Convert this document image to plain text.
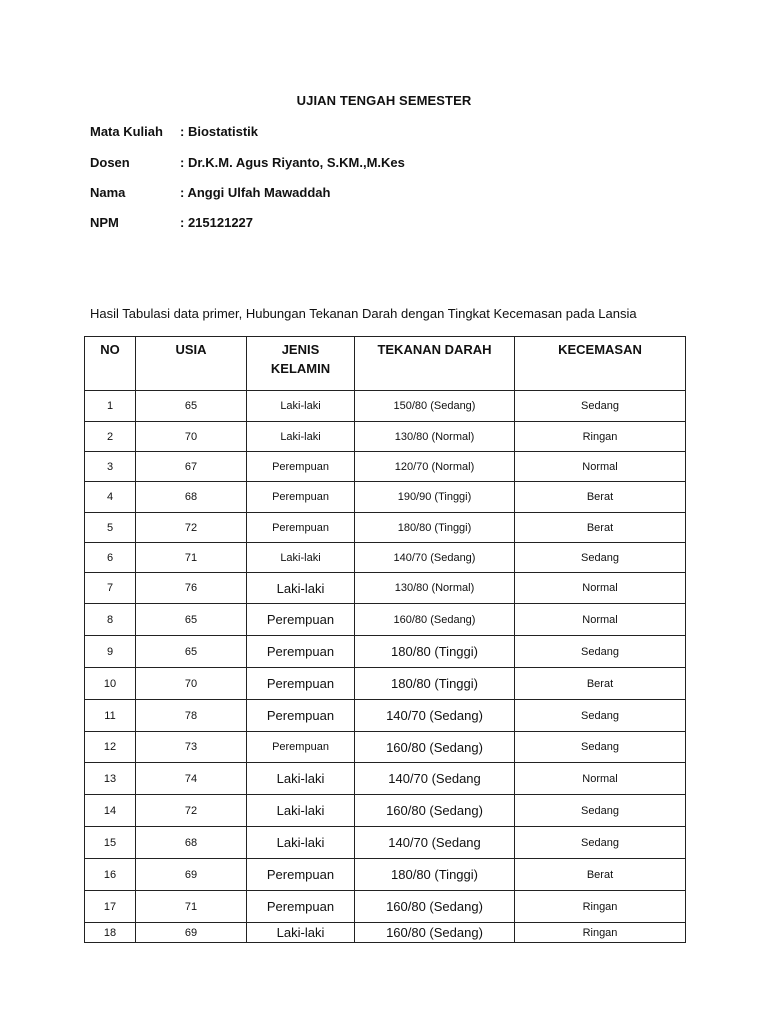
UJIAN TENGAH SEMESTER
Mata Kuliah : Biostatistik
Dosen	: Dr.K.M. Agus Riyanto, S.KM.,M.Kes
Nama	: Anggi Ulfah Mawaddah
NPM	: 215121227
Hasil Tabulasi data primer, Hubungan Tekanan Darah dengan Tingkat Kecemasan pada Lansia
NO	USIA	JENIS KELAMIN	TEKANAN DARAH	KECEMASAN
1	65	Laki-laki	150/80 (Sedang)	Sedang
2	70	Laki-laki	130/80 (Normal)	Ringan
3	67	Perempuan	120/70 (Normal)	Normal
4	68	Perempuan	190/90 (Tinggi)	Berat
5	72	Perempuan	180/80 (Tinggi)	Berat
6	71	Laki-laki	140/70 (Sedang)	Sedang
7	76	Laki-laki	130/80 (Normal)	Normal
8	65	Perempuan	160/80 (Sedang)	Normal
9	65	Perempuan	180/80 (Tinggi)	Sedang
10	70	Perempuan	180/80 (Tinggi)	Berat
11	78	Perempuan	140/70 (Sedang)	Sedang
12	73	Perempuan	160/80 (Sedang)	Sedang
13	74	Laki-laki	140/70 (Sedang	Normal
14	72	Laki-laki	160/80 (Sedang)	Sedang
15	68	Laki-laki	140/70 (Sedang	Sedang
16	69	Perempuan	180/80 (Tinggi)	Berat
17	71	Perempuan	160/80 (Sedang)	Ringan
18	69	Laki-laki	160/80 (Sedang)	Ringan
